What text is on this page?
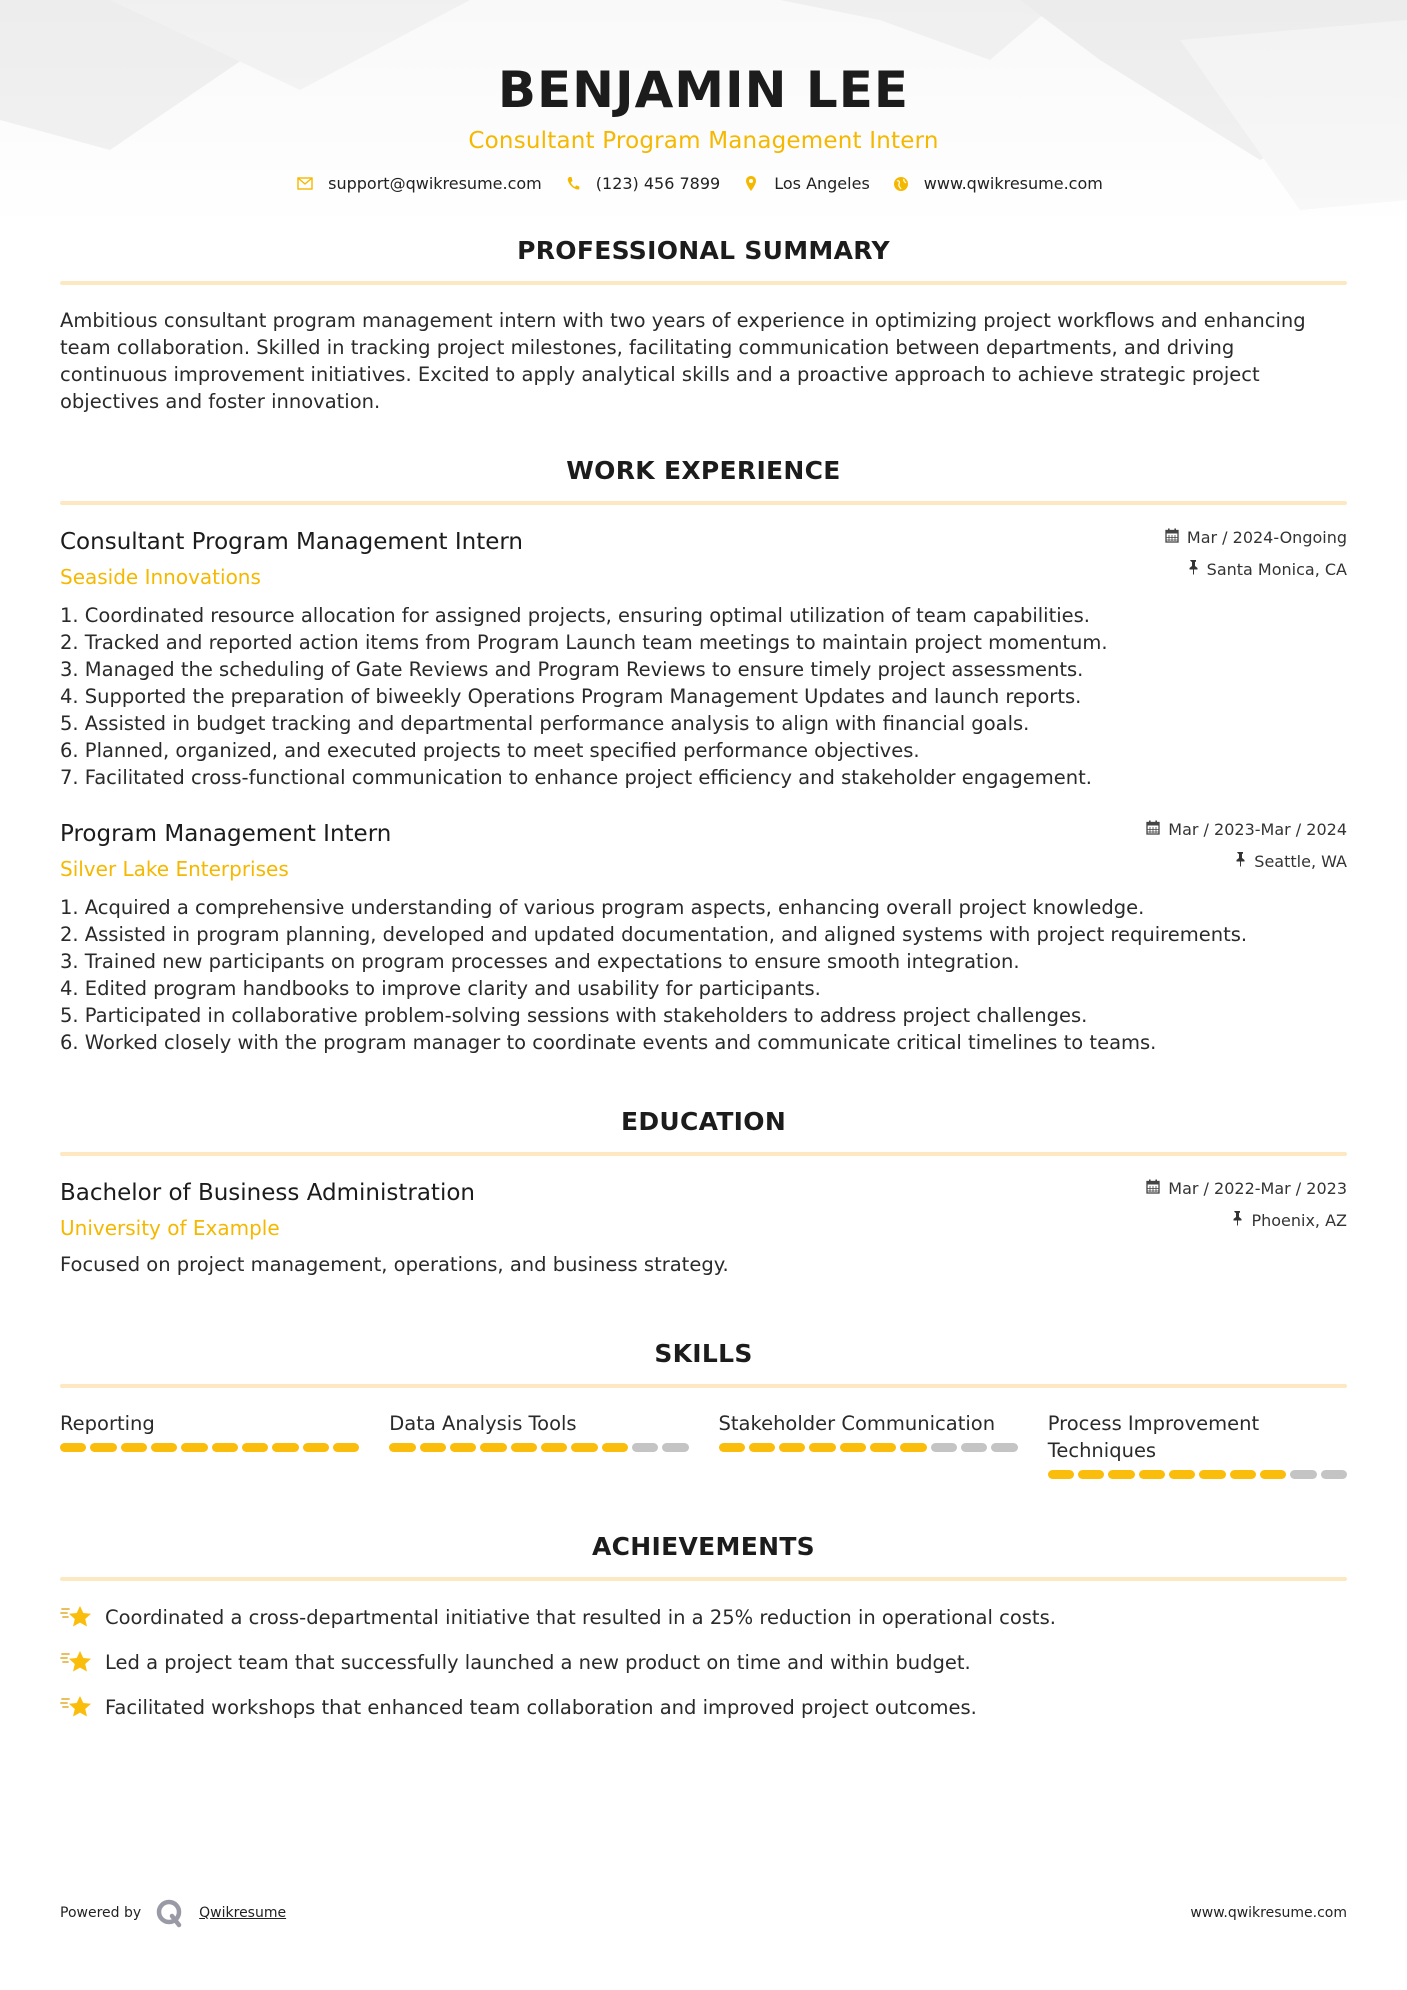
BENJAMIN LEE
Consultant Program Management Intern
support@qwikresume.com	(123) 456 7899	Los Angeles	www.qwikresume.com
PROFESSIONAL SUMMARY

Ambitious consultant program management intern with two years of experience in optimizing project workflows and enhancing team collaboration. Skilled in tracking project milestones, facilitating communication between departments, and driving continuous improvement initiatives. Excited to apply analytical skills and a proactive approach to achieve strategic project objectives and foster innovation.

WORK EXPERIENCE
Consultant Program Management Intern
Seaside Innovations
Mar / 2024-Ongoing
Santa Monica, CA
1. Coordinated resource allocation for assigned projects, ensuring optimal utilization of team capabilities.
2. Tracked and reported action items from Program Launch team meetings to maintain project momentum.
3. Managed the scheduling of Gate Reviews and Program Reviews to ensure timely project assessments.
4. Supported the preparation of biweekly Operations Program Management Updates and launch reports.
5. Assisted in budget tracking and departmental performance analysis to align with financial goals.
6. Planned, organized, and executed projects to meet specified performance objectives.
7. Facilitated cross-functional communication to enhance project efficiency and stakeholder engagement.
Program Management Intern
Silver Lake Enterprises
Mar / 2023-Mar / 2024
Seattle, WA
1. Acquired a comprehensive understanding of various program aspects, enhancing overall project knowledge.
2. Assisted in program planning, developed and updated documentation, and aligned systems with project requirements.
3. Trained new participants on program processes and expectations to ensure smooth integration.
4. Edited program handbooks to improve clarity and usability for participants.
5. Participated in collaborative problem-solving sessions with stakeholders to address project challenges.
6. Worked closely with the program manager to coordinate events and communicate critical timelines to teams.
EDUCATION
Bachelor of Business Administration
University of Example
Mar / 2022-Mar / 2023
Phoenix, AZ
Focused on project management, operations, and business strategy.
SKILLS
Reporting	Data Analysis Tools	Stakeholder Communication	Process Improvement Techniques
ACHIEVEMENTS
Coordinated a cross-departmental initiative that resulted in a 25% reduction in operational costs.
Led a project team that successfully launched a new product on time and within budget.
Facilitated workshops that enhanced team collaboration and improved project outcomes.
Powered by	Qwikresume	www.qwikresume.com
